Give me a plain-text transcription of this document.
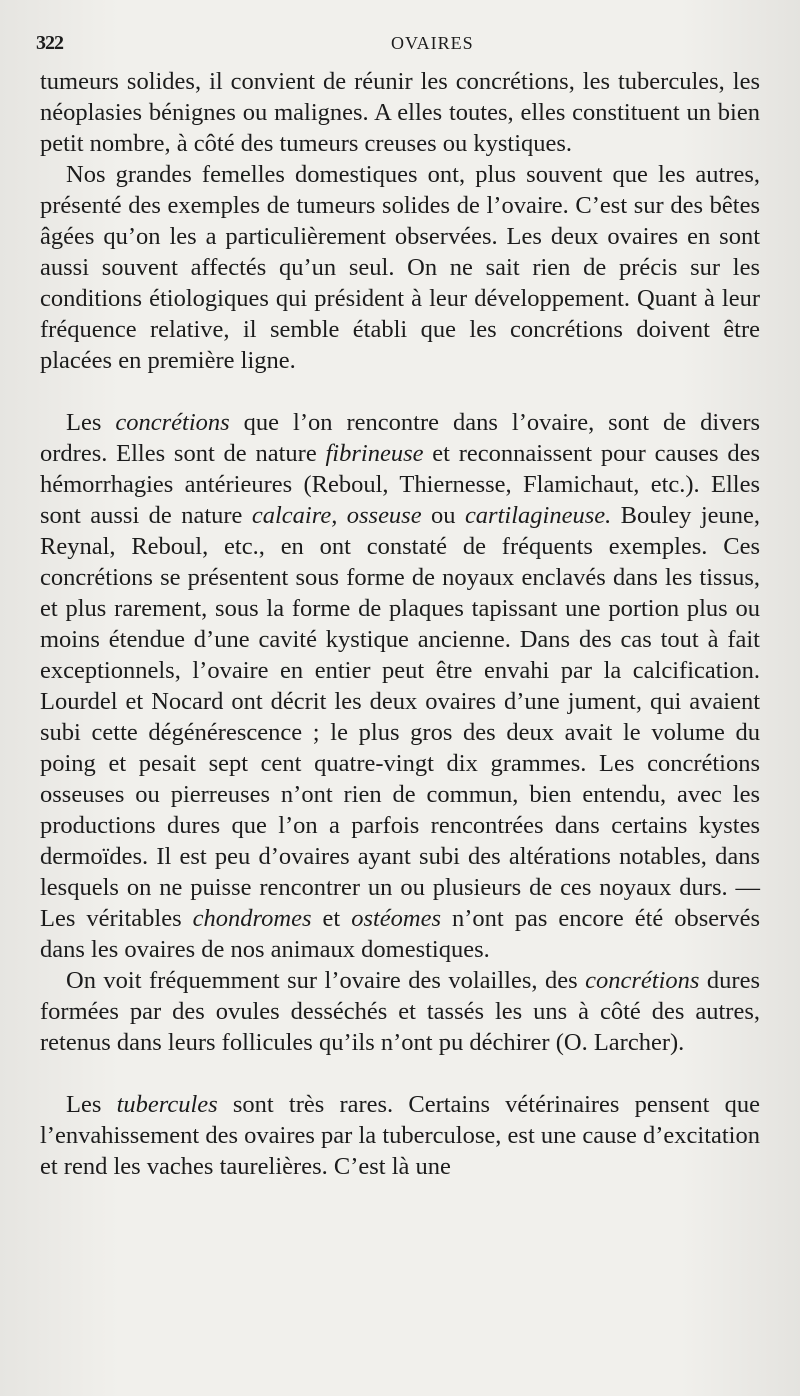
322	OVAIRES

tumeurs solides, il convient de réunir les concrétions, les tubercules, les néoplasies bénignes ou malignes. A elles toutes, elles constituent un bien petit nombre, à côté des tumeurs creuses ou kystiques.

Nos grandes femelles domestiques ont, plus souvent que les autres, présenté des exemples de tumeurs solides de l’ovaire. C’est sur des bêtes âgées qu’on les a particulièrement observées. Les deux ovaires en sont aussi souvent affectés qu’un seul. On ne sait rien de précis sur les conditions étiologiques qui président à leur développement. Quant à leur fréquence relative, il semble établi que les concrétions doivent être placées en première ligne.

Les concrétions que l’on rencontre dans l’ovaire, sont de divers ordres. Elles sont de nature fibrineuse et reconnaissent pour causes des hémorrhagies antérieures (Reboul, Thiernesse, Flamichaut, etc.). Elles sont aussi de nature calcaire, osseuse ou cartilagineuse. Bouley jeune, Reynal, Reboul, etc., en ont constaté de fréquents exemples. Ces concrétions se présentent sous forme de noyaux enclavés dans les tissus, et plus rarement, sous la forme de plaques tapissant une portion plus ou moins étendue d’une cavité kystique ancienne. Dans des cas tout à fait exceptionnels, l’ovaire en entier peut être envahi par la calcification. Lourdel et Nocard ont décrit les deux ovaires d’une jument, qui avaient subi cette dégénérescence ; le plus gros des deux avait le volume du poing et pesait sept cent quatre-vingt dix grammes. Les concrétions osseuses ou pierreuses n’ont rien de commun, bien entendu, avec les productions dures que l’on a parfois rencontrées dans certains kystes dermoïdes. Il est peu d’ovaires ayant subi des altérations notables, dans lesquels on ne puisse rencontrer un ou plusieurs de ces noyaux durs. — Les véritables chondromes et ostéomes n’ont pas encore été observés dans les ovaires de nos animaux domestiques.

On voit fréquemment sur l’ovaire des volailles, des concrétions dures formées par des ovules desséchés et tassés les uns à côté des autres, retenus dans leurs follicules qu’ils n’ont pu déchirer (O. Larcher).

Les tubercules sont très rares. Certains vétérinaires pensent que l’envahissement des ovaires par la tuberculose, est une cause d’excitation et rend les vaches taurelières. C’est là une
